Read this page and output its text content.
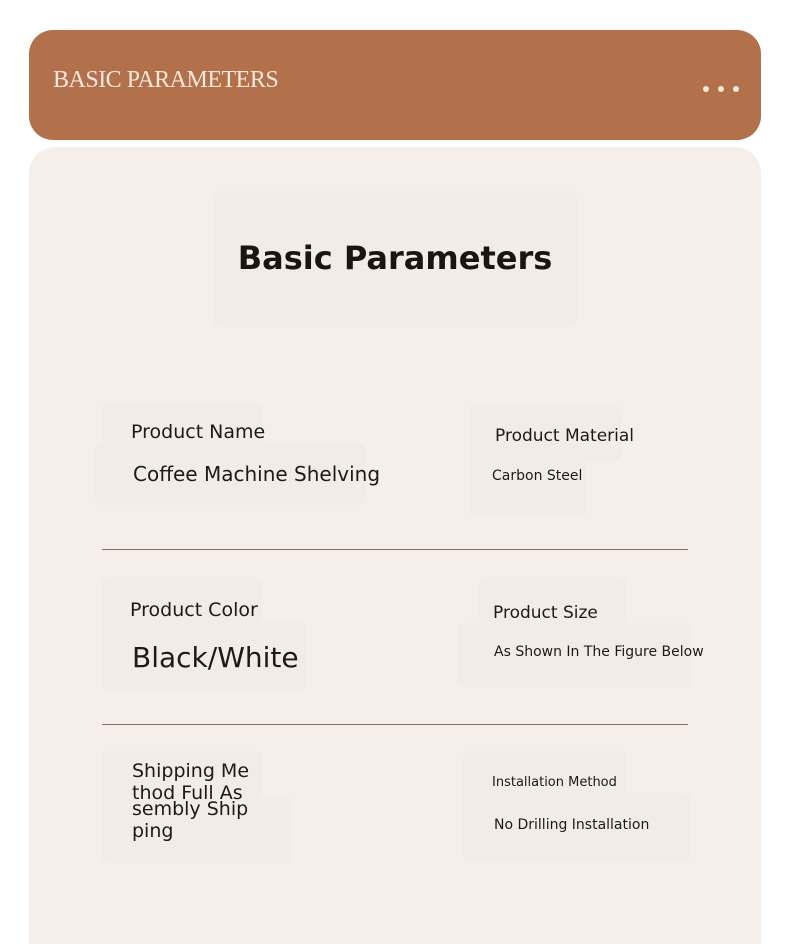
BASIC PARAMETERS
Basic Parameters
Product Name
Coffee Machine Shelving
Product Material
Carbon Steel
Product Color
Black/White
Product Size
As Shown In The Figure Below
Shipping Me
thod Full As
sembly Ship
ping
Installation Method
No Drilling Installation
